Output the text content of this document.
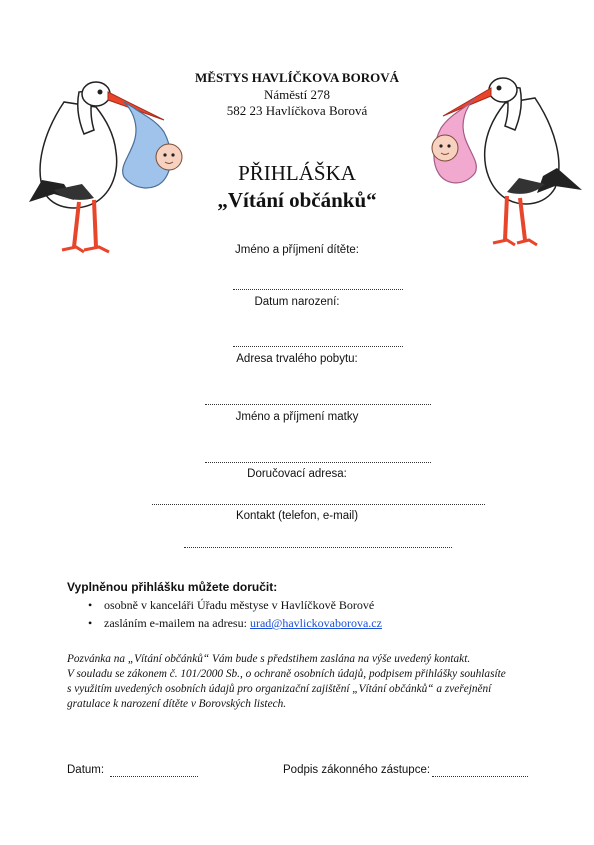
MĚSTYS HAVLÍČKOVA BOROVÁ
Náměstí 278
582 23 Havlíčkova Borová
PŘIHLÁŠKA
„Vítání občánků“
Jméno a příjmení dítěte:
Datum narození:
Adresa trvalého pobytu:
Jméno a příjmení matky
Doručovací adresa:
Kontakt (telefon, e-mail)
Vyplněnou přihlášku můžete doručit:
• osobně v kanceláři Úřadu městyse v Havlíčkově Borové
• zasláním e-mailem na adresu: urad@havlickovaborova.cz
Pozvánka na „Vítání občánků“ Vám bude s předstihem zaslána na výše uvedený kontakt.
V souladu se zákonem č. 101/2000 Sb., o ochraně osobních údajů, podpisem přihlášky souhlasíte
s využitím uvedených osobních údajů pro organizační zajištění „Vítání občánků“ a zveřejnění
gratulace k narození dítěte v Borovských listech.
Datum:	Podpis zákonného zástupce:
